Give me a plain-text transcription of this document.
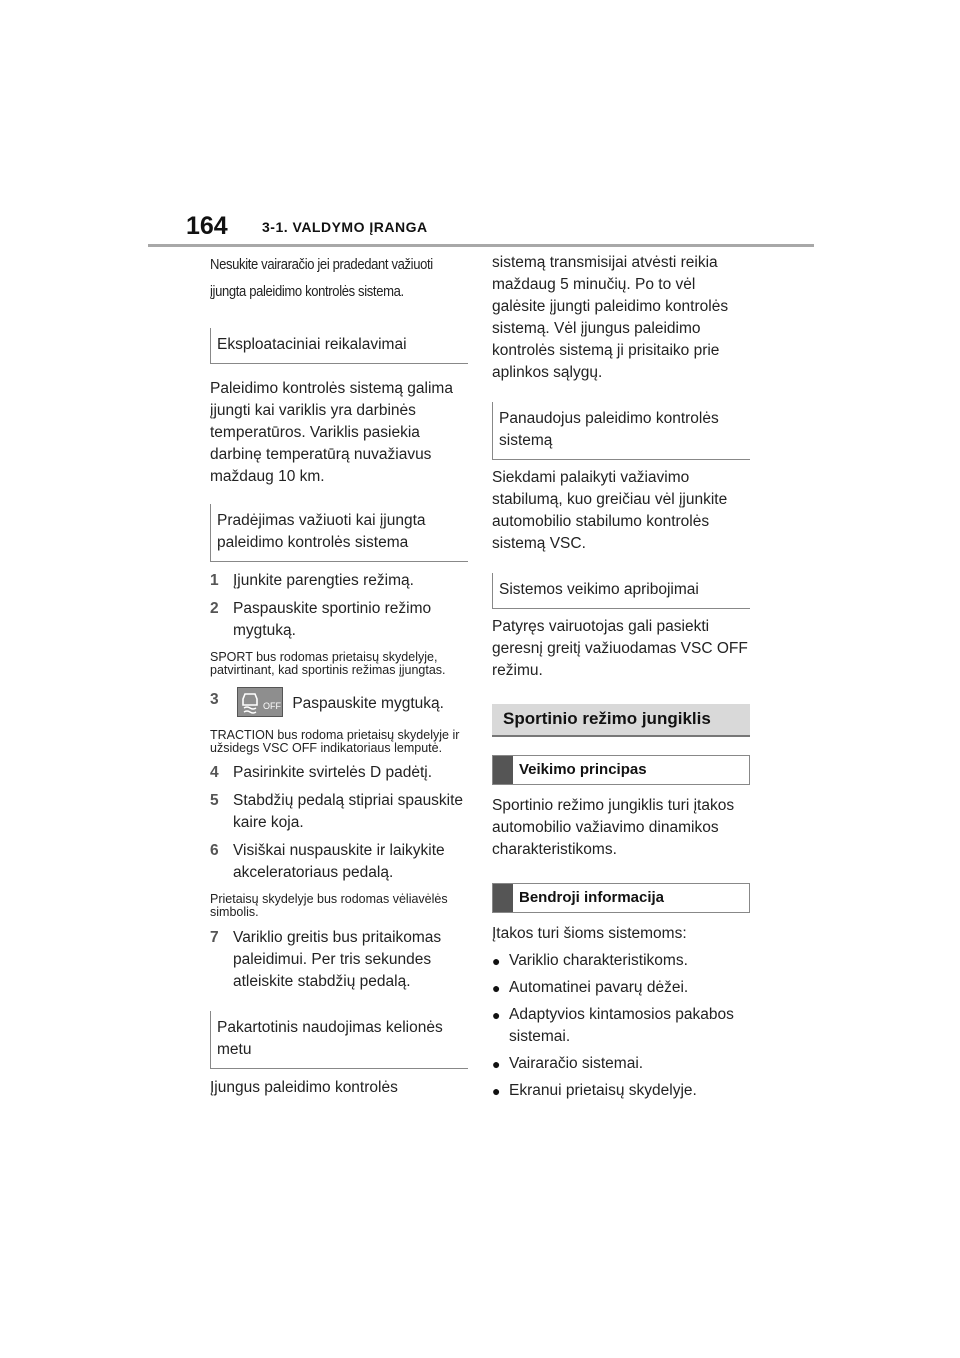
164 3-1. VALDYMO ĮRANGA

Nesukite vairaračio jei pradedant važiuoti

įjungta paleidimo kontrolės sistema.

Eksploataciniai reikalavimai

Paleidimo kontrolės sistemą galima įjungti kai variklis yra darbinės temperatūros. Variklis pasiekia darbinę temperatūrą nuvažiavus maždaug 10 km.

Pradėjimas važiuoti kai įjungta paleidimo kontrolės sistema
1 Įjunkite parengties režimą.
2 Paspauskite sportinio režimo mygtuką.

SPORT bus rodomas prietaisų skydelyje, patvirtinant, kad sportinis režimas įjungtas.

3	OFF Paspauskite mygtuką.

TRACTION bus rodoma prietaisų skydelyje ir užsidegs VSC OFF indikatoriaus lemputė.

4 Pasirinkite svirtelės D padėtį.
5 Stabdžių pedalą stipriai spauskite kaire koja.
6 Visiškai nuspauskite ir laikykite akceleratoriaus pedalą.

Prietaisų skydelyje bus rodomas vėliavėlės simbolis.

7 Variklio greitis bus pritaikomas paleidimui. Per tris sekundes atleiskite stabdžių pedalą.
Pakartotinis naudojimas kelionės metu

Įjungus paleidimo kontrolės

sistemą transmisijai atvėsti reikia maždaug 5 minučių. Po to vėl galėsite įjungti paleidimo kontrolės sistemą. Vėl įjungus paleidimo kontrolės sistemą ji prisitaiko prie aplinkos sąlygų.

Panaudojus paleidimo kontrolės sistemą

Siekdami palaikyti važiavimo stabilumą, kuo greičiau vėl įjunkite automobilio stabilumo kontrolės sistemą VSC.

Sistemos veikimo apribojimai

Patyręs vairuotojas gali pasiekti geresnį greitį važiuodamas VSC OFF režimu.

Sportinio režimo jungiklis
Veikimo principas

Sportinio režimo jungiklis turi įtakos automobilio važiavimo dinamikos charakteristikoms.

Bendroji informacija

Įtakos turi šioms sistemoms:

● Variklio charakteristikoms.
● Automatinei pavarų dėžei.
● Adaptyvios kintamosios pakabos sistemai.
● Vairaračio sistemai.
● Ekranui prietaisų skydelyje.
